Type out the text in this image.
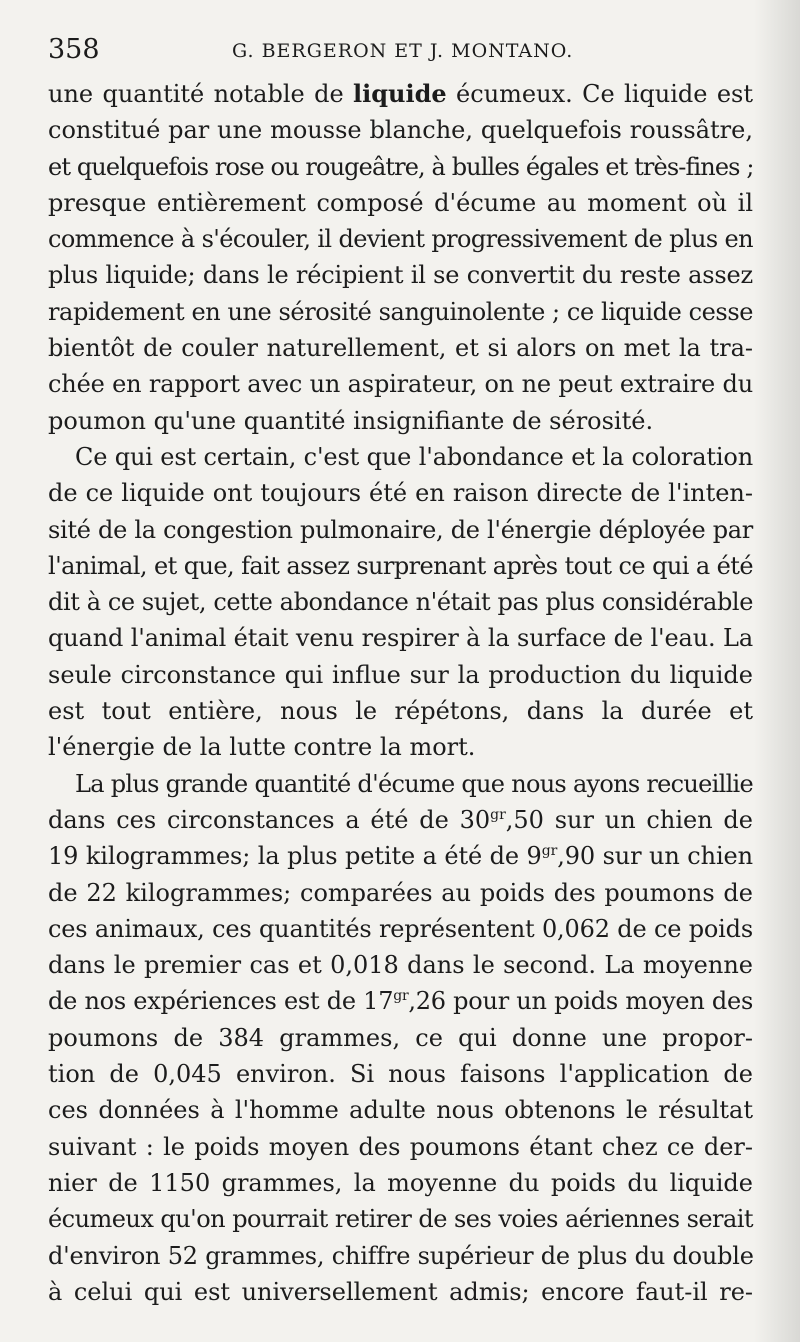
358	G. BERGERON ET J. MONTANO.
une quantité notable de liquide écumeux. Ce liquide est
constitué par une mousse blanche, quelquefois roussâtre,
et quelquefois rose ou rougeâtre, à bulles égales et très-fines ;
presque entièrement composé d'écume au moment où il
commence à s'écouler, il devient progressivement de plus en
plus liquide; dans le récipient il se convertit du reste assez
rapidement en une sérosité sanguinolente ; ce liquide cesse
bientôt de couler naturellement, et si alors on met la tra-
chée en rapport avec un aspirateur, on ne peut extraire du
poumon qu'une quantité insignifiante de sérosité.
Ce qui est certain, c'est que l'abondance et la coloration
de ce liquide ont toujours été en raison directe de l'inten-
sité de la congestion pulmonaire, de l'énergie déployée par
l'animal, et que, fait assez surprenant après tout ce qui a été
dit à ce sujet, cette abondance n'était pas plus considérable
quand l'animal était venu respirer à la surface de l'eau. La
seule circonstance qui influe sur la production du liquide
est tout entière, nous le répétons, dans la durée et
l'énergie de la lutte contre la mort.
La plus grande quantité d'écume que nous ayons recueillie
dans ces circonstances a été de $30^{gr},50$ sur un chien de
19 kilogrammes; la plus petite a été de $9^{gr},90$ sur un chien
de 22 kilogrammes; comparées au poids des poumons de
ces animaux, ces quantités représentent 0,062 de ce poids
dans le premier cas et 0,018 dans le second. La moyenne
de nos expériences est de $17^{gr},26$ pour un poids moyen des
poumons de 384 grammes, ce qui donne une propor-
tion de 0,045 environ. Si nous faisons l'application de
ces données à l'homme adulte nous obtenons le résultat
suivant : le poids moyen des poumons étant chez ce der-
nier de 1150 grammes, la moyenne du poids du liquide
écumeux qu'on pourrait retirer de ses voies aériennes serait
d'environ 52 grammes, chiffre supérieur de plus du double
à celui qui est universellement admis; encore faut-il re-
